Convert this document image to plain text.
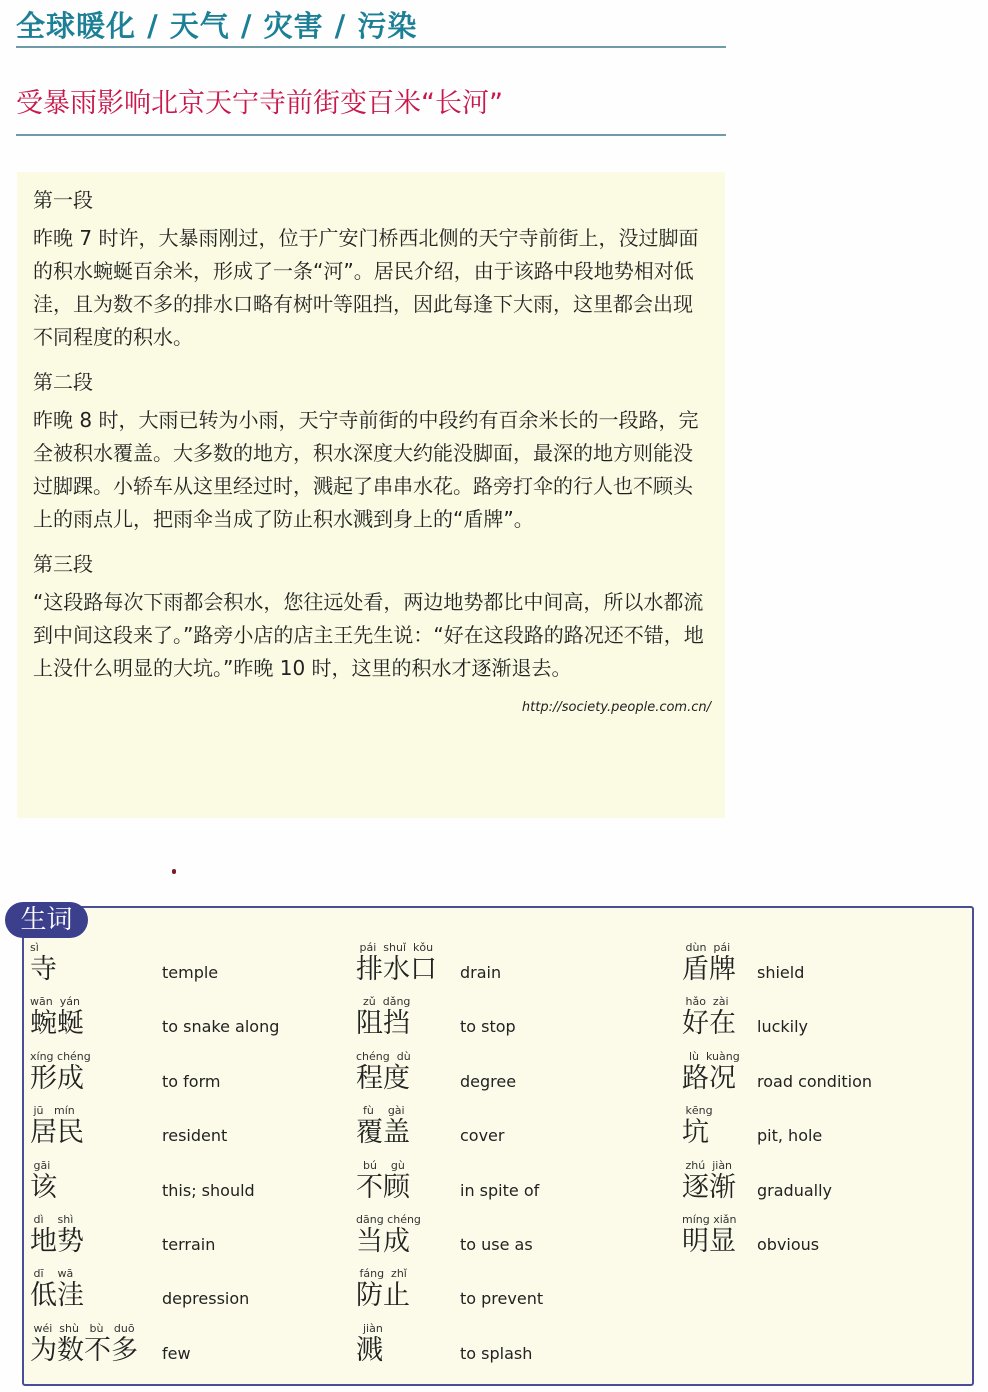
全球暖化 / 天气 / 灾害 / 污染
受暴雨影响北京天宁寺前街变百米“长河”
第一段
昨晚 7 时许，大暴雨刚过，位于广安门桥西北侧的天宁寺前街上，没过脚面的积水蜿蜒百余米，形成了一条“河”。居民介绍，由于该路中段地势相对低洼，且为数不多的排水口略有树叶等阻挡，因此每逢下大雨，这里都会出现不同程度的积水。
第二段
昨晚 8 时，大雨已转为小雨，天宁寺前街的中段约有百余米长的一段路，完全被积水覆盖。大多数的地方，积水深度大约能没脚面，最深的地方则能没过脚踝。小轿车从这里经过时，溅起了串串水花。路旁打伞的行人也不顾头上的雨点儿，把雨伞当成了防止积水溅到身上的“盾牌”。
第三段
“这段路每次下雨都会积水，您往远处看，两边地势都比中间高，所以水都流到中间这段来了。”路旁小店的店主王先生说：“好在这段路的路况还不错，地上没什么明显的大坑。”昨晚 10 时，这里的积水才逐渐退去。
http://society.people.com.cn/
生词
sì
寺	temple
wān  yán
蜿蜒	to snake along
xíng chéng
形成	to form
jū   mín
居民	resident
gāi
该	this; should
dì    shì
地势	terrain
dī    wā
低洼	depression
wéi  shù   bù   duō
为数不多 few
pái  shuǐ  kǒu
排水口 drain
zǔ  dǎng
阻挡	to stop
chéng  dù
程度	degree
fù    gài
覆盖	cover
bú    gù
不顾	in spite of
dāng chéng
当成	to use as
fáng  zhǐ
防止	to prevent
jiàn
溅	to splash
dùn  pái
盾牌 shield
hǎo  zài
好在 luckily
lù  kuàng
路况 road condition
kēng
坑	pit, hole
zhú  jiàn
逐渐 gradually
míng xiǎn
明显 obvious
